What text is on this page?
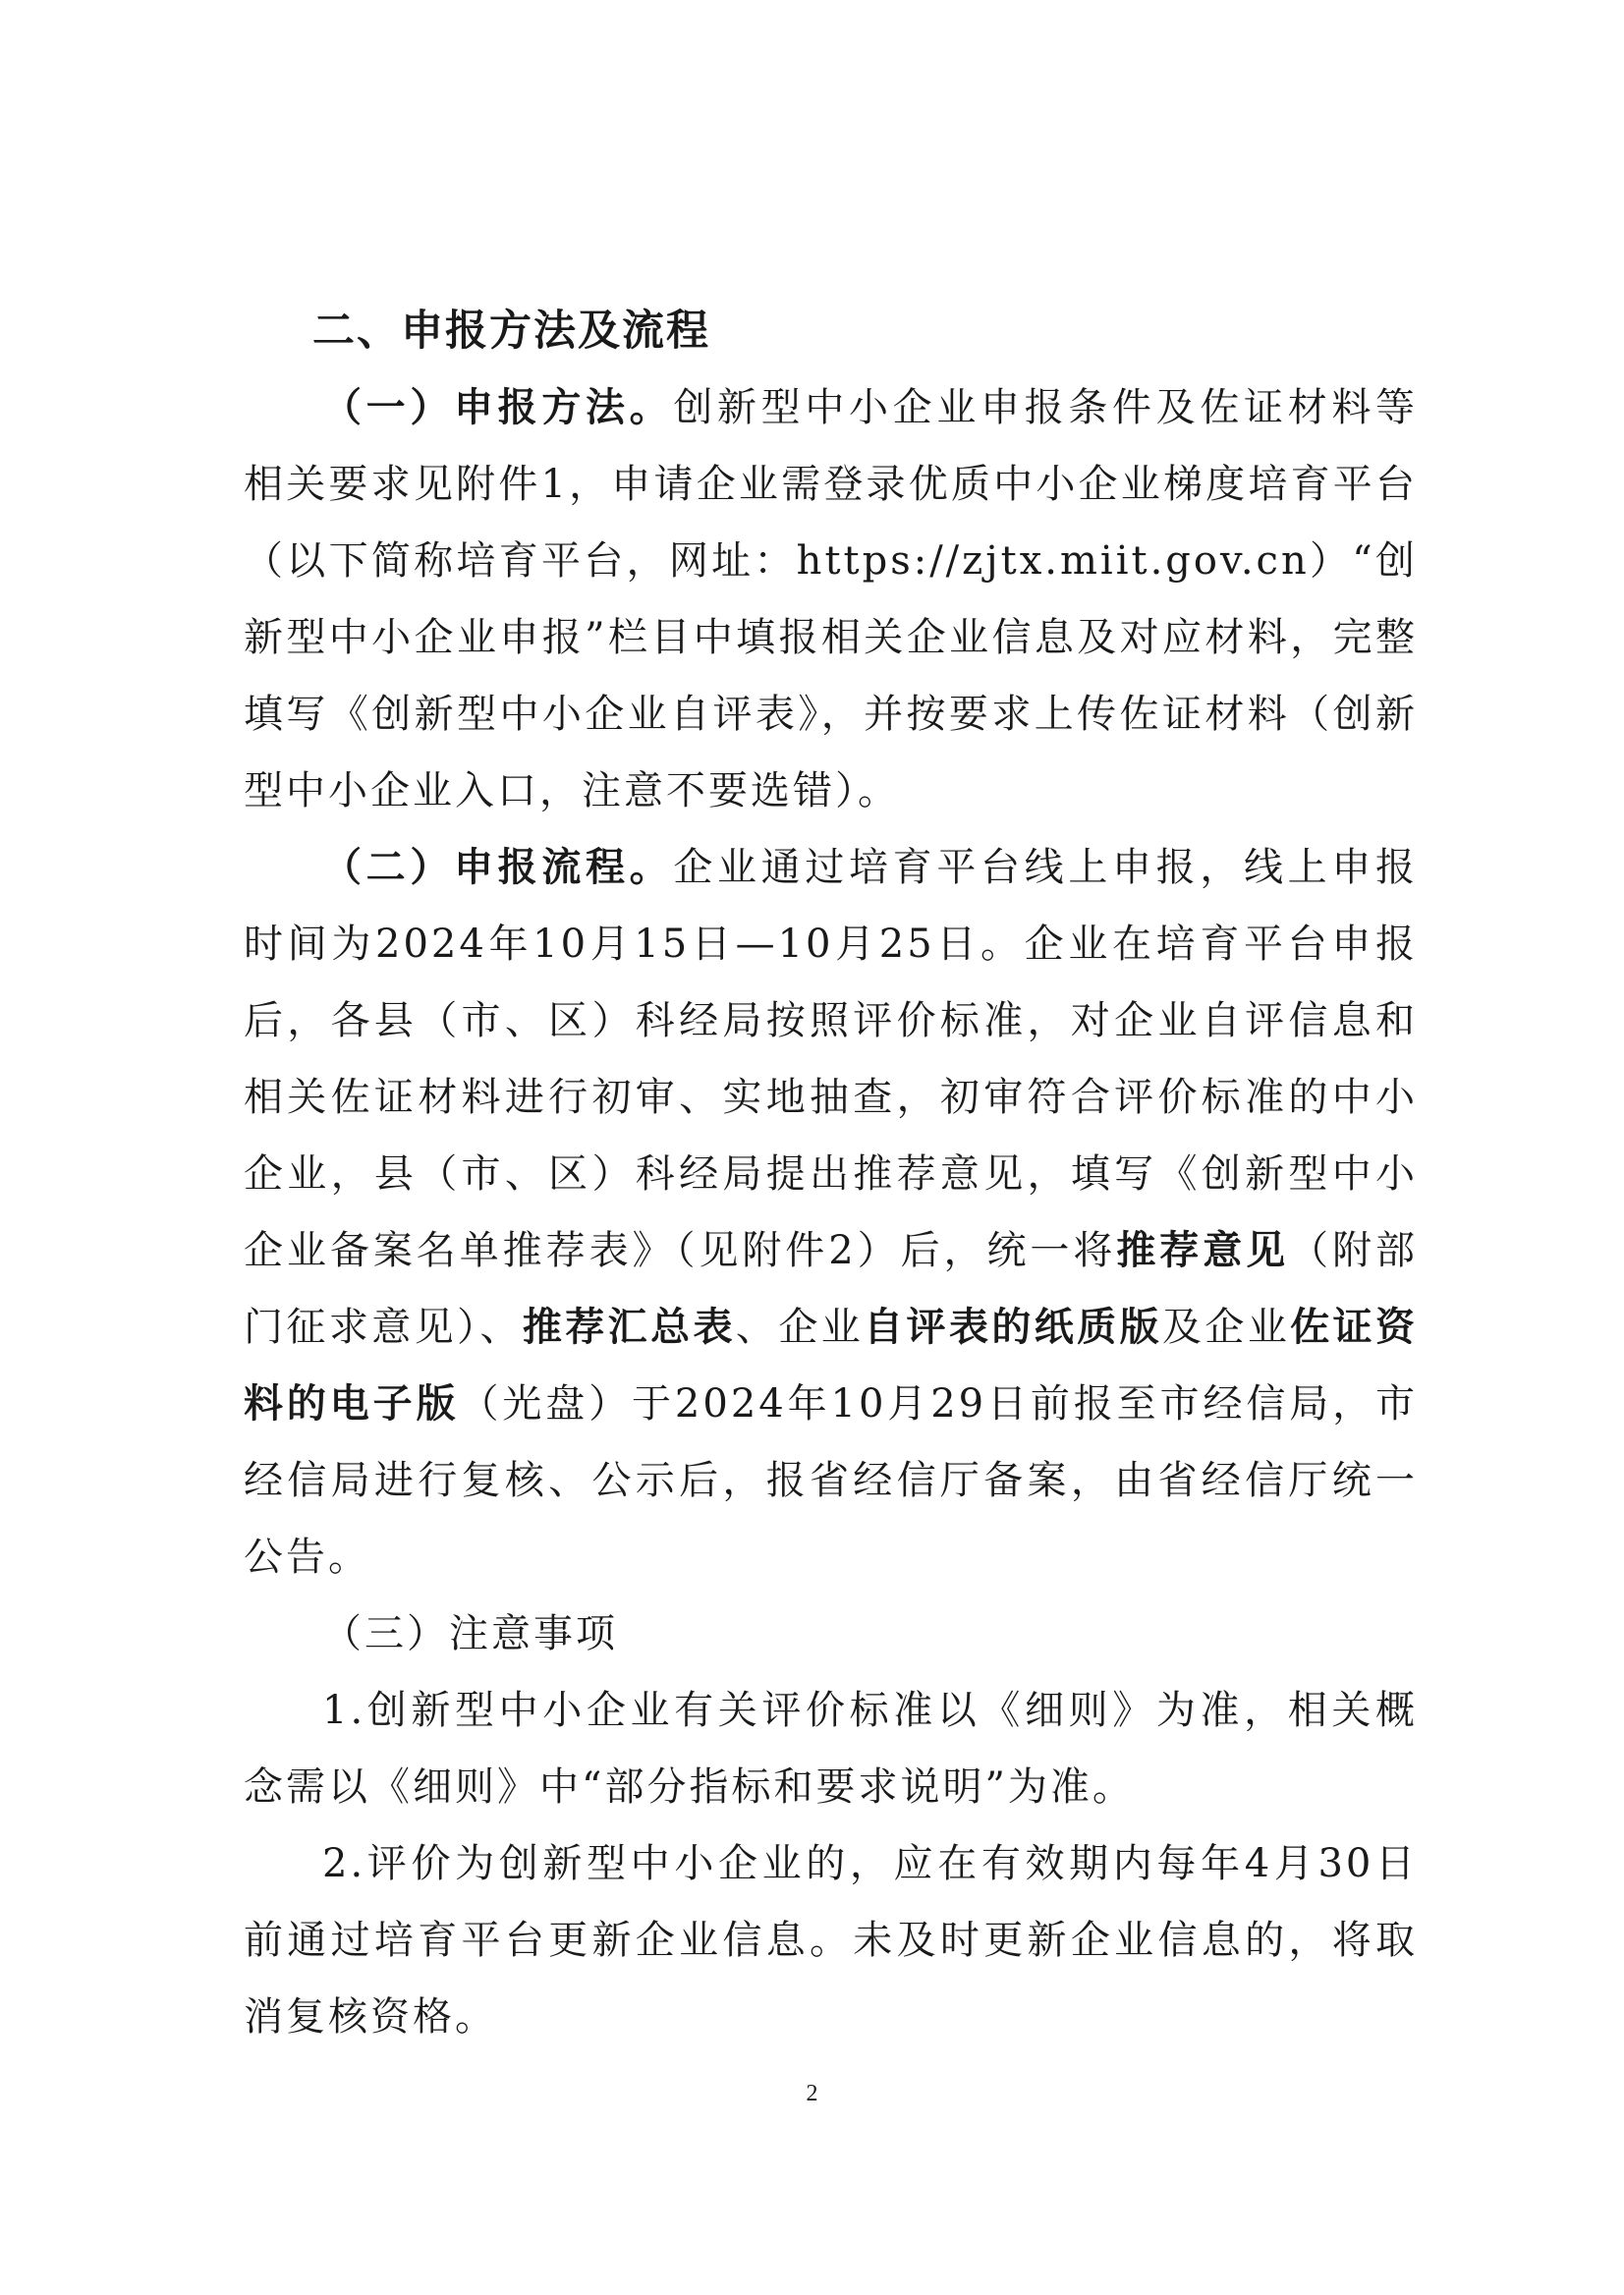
二、申报方法及流程

（一）申报方法。创新型中小企业申报条件及佐证材料等相关要求见附件1，申请企业需登录优质中小企业梯度培育平台（以下简称培育平台，网址：https://zjtx.miit.gov.cn）“创新型中小企业申报”栏目中填报相关企业信息及对应材料，完整填写《创新型中小企业自评表》，并按要求上传佐证材料（创新型中小企业入口，注意不要选错）。

（二）申报流程。企业通过培育平台线上申报，线上申报时间为2024年10月15日—10月25日。企业在培育平台申报后，各县（市、区）科经局按照评价标准，对企业自评信息和相关佐证材料进行初审、实地抽查，初审符合评价标准的中小企业，县（市、区）科经局提出推荐意见，填写《创新型中小企业备案名单推荐表》（见附件2）后，统一将推荐意见（附部门征求意见）、推荐汇总表、企业自评表的纸质版及企业佐证资料的电子版（光盘）于2024年10月29日前报至市经信局，市经信局进行复核、公示后，报省经信厅备案，由省经信厅统一公告。

（三）注意事项

1.创新型中小企业有关评价标准以《细则》为准，相关概念需以《细则》中“部分指标和要求说明”为准。

2.评价为创新型中小企业的，应在有效期内每年4月30日前通过培育平台更新企业信息。未及时更新企业信息的，将取消复核资格。

2
